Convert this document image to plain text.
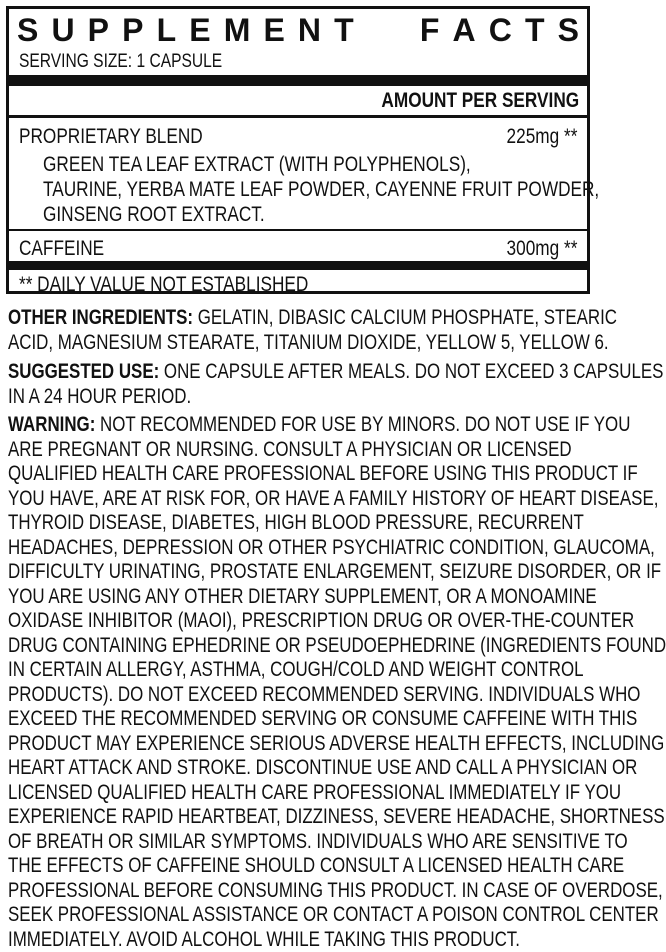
S U P P L E M E N T F A C T S
SERVING SIZE: 1 CAPSULE
AMOUNT PER SERVING
PROPRIETARY BLEND	225mg **
GREEN TEA LEAF EXTRACT (WITH POLYPHENOLS),
TAURINE, YERBA MATE LEAF POWDER, CAYENNE FRUIT POWDER,
GINSENG ROOT EXTRACT.
CAFFEINE	300mg **
** DAILY VALUE NOT ESTABLISHED
OTHER INGREDIENTS: GELATIN, DIBASIC CALCIUM PHOSPHATE, STEARIC
ACID, MAGNESIUM STEARATE, TITANIUM DIOXIDE, YELLOW 5, YELLOW 6.
SUGGESTED USE: ONE CAPSULE AFTER MEALS. DO NOT EXCEED 3 CAPSULES
IN A 24 HOUR PERIOD.
WARNING: NOT RECOMMENDED FOR USE BY MINORS. DO NOT USE IF YOU
ARE PREGNANT OR NURSING. CONSULT A PHYSICIAN OR LICENSED
QUALIFIED HEALTH CARE PROFESSIONAL BEFORE USING THIS PRODUCT IF
YOU HAVE, ARE AT RISK FOR, OR HAVE A FAMILY HISTORY OF HEART DISEASE,
THYROID DISEASE, DIABETES, HIGH BLOOD PRESSURE, RECURRENT
HEADACHES, DEPRESSION OR OTHER PSYCHIATRIC CONDITION, GLAUCOMA,
DIFFICULTY URINATING, PROSTATE ENLARGEMENT, SEIZURE DISORDER, OR IF
YOU ARE USING ANY OTHER DIETARY SUPPLEMENT, OR A MONOAMINE
OXIDASE INHIBITOR (MAOI), PRESCRIPTION DRUG OR OVER-THE-COUNTER
DRUG CONTAINING EPHEDRINE OR PSEUDOEPHEDRINE (INGREDIENTS FOUND
IN CERTAIN ALLERGY, ASTHMA, COUGH/COLD AND WEIGHT CONTROL
PRODUCTS). DO NOT EXCEED RECOMMENDED SERVING. INDIVIDUALS WHO
EXCEED THE RECOMMENDED SERVING OR CONSUME CAFFEINE WITH THIS
PRODUCT MAY EXPERIENCE SERIOUS ADVERSE HEALTH EFFECTS, INCLUDING
HEART ATTACK AND STROKE. DISCONTINUE USE AND CALL A PHYSICIAN OR
LICENSED QUALIFIED HEALTH CARE PROFESSIONAL IMMEDIATELY IF YOU
EXPERIENCE RAPID HEARTBEAT, DIZZINESS, SEVERE HEADACHE, SHORTNESS
OF BREATH OR SIMILAR SYMPTOMS. INDIVIDUALS WHO ARE SENSITIVE TO
THE EFFECTS OF CAFFEINE SHOULD CONSULT A LICENSED HEALTH CARE
PROFESSIONAL BEFORE CONSUMING THIS PRODUCT. IN CASE OF OVERDOSE,
SEEK PROFESSIONAL ASSISTANCE OR CONTACT A POISON CONTROL CENTER
IMMEDIATELY. AVOID ALCOHOL WHILE TAKING THIS PRODUCT.
